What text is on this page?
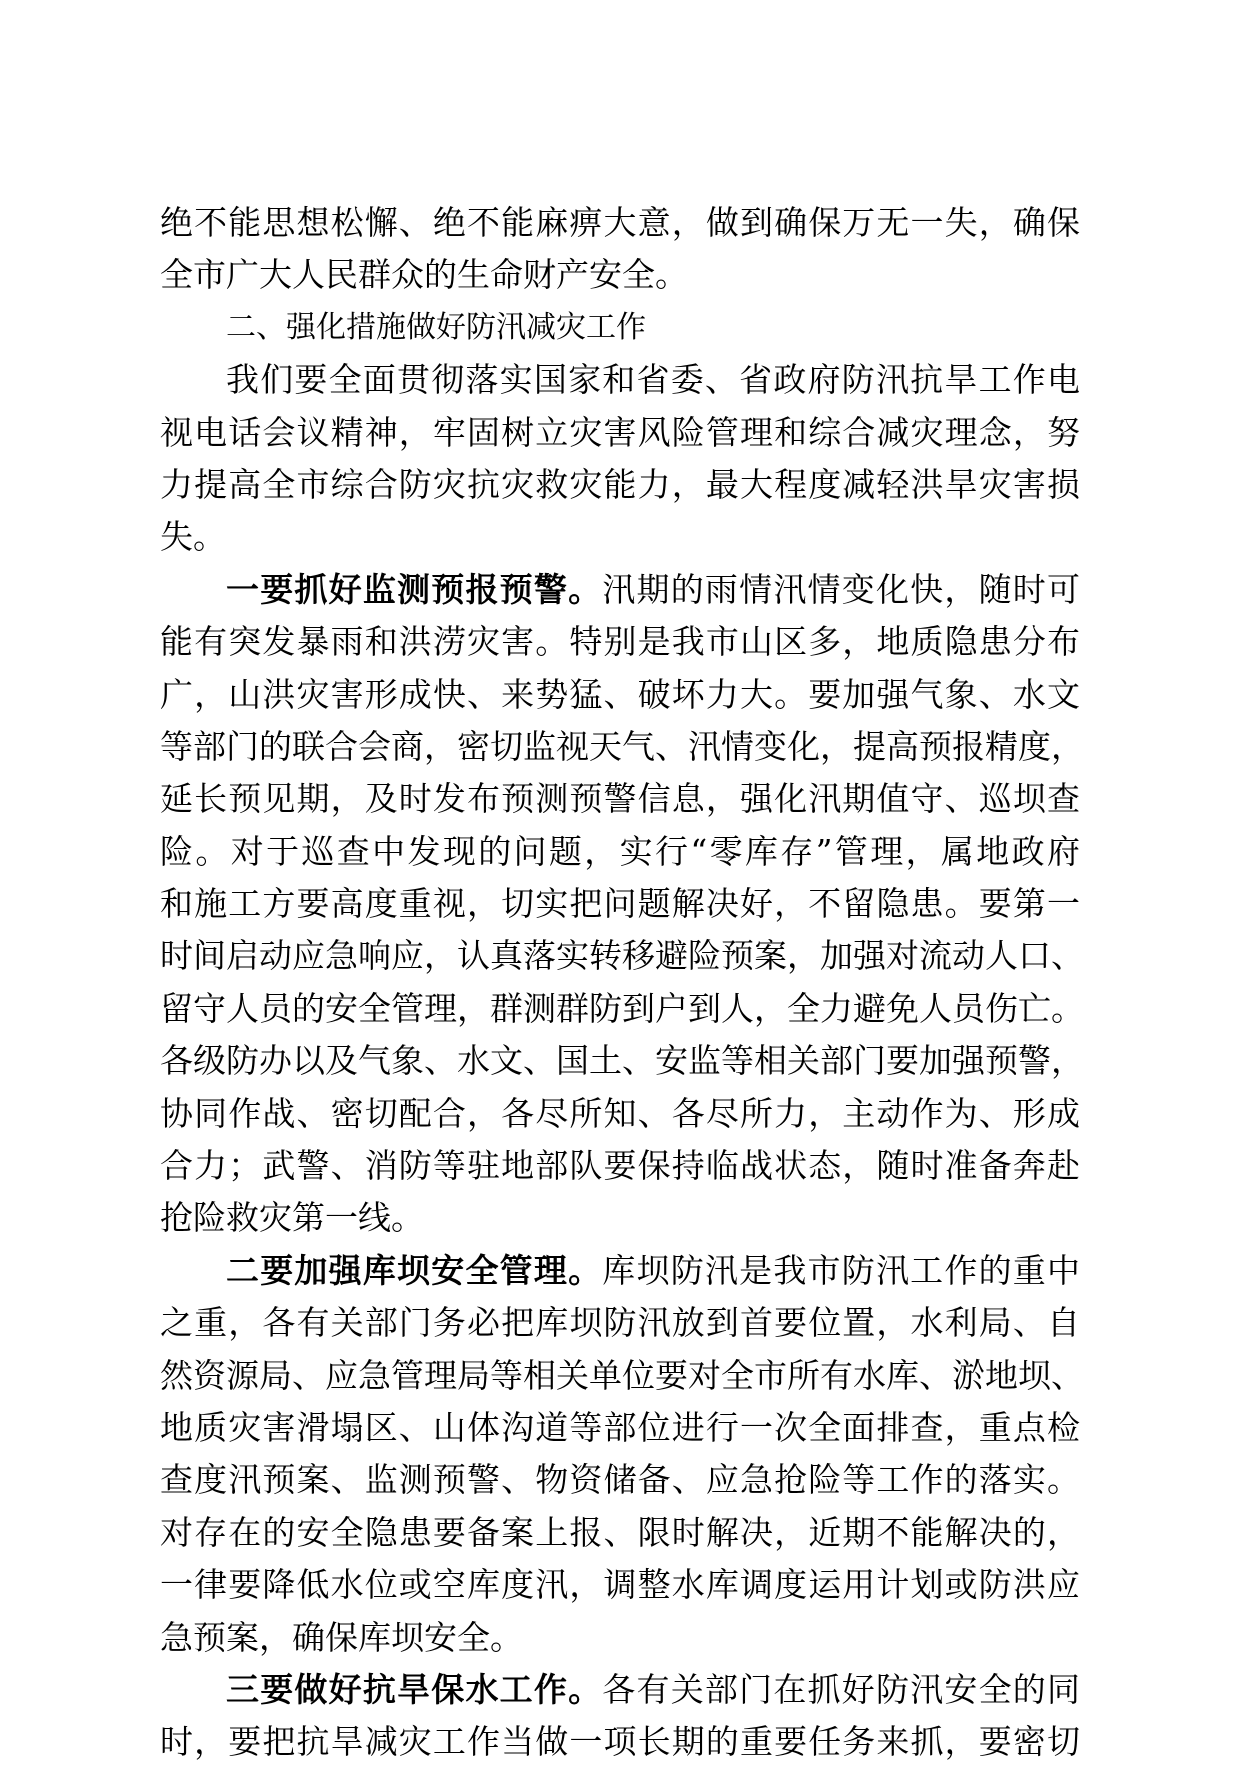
绝不能思想松懈、绝不能麻痹大意，做到确保万无一失，确保
全市广大人民群众的生命财产安全。
二、强化措施做好防汛减灾工作
我们要全面贯彻落实国家和省委、省政府防汛抗旱工作电
视电话会议精神，牢固树立灾害风险管理和综合减灾理念，努
力提高全市综合防灾抗灾救灾能力，最大程度减轻洪旱灾害损
失。
一要抓好监测预报预警。汛期的雨情汛情变化快，随时可
能有突发暴雨和洪涝灾害。特别是我市山区多，地质隐患分布
广，山洪灾害形成快、来势猛、破坏力大。要加强气象、水文
等部门的联合会商，密切监视天气、汛情变化，提高预报精度，
延长预见期，及时发布预测预警信息，强化汛期值守、巡坝查
险。对于巡查中发现的问题，实行“零库存”管理，属地政府
和施工方要高度重视，切实把问题解决好，不留隐患。要第一
时间启动应急响应，认真落实转移避险预案，加强对流动人口、
留守人员的安全管理，群测群防到户到人，全力避免人员伤亡。
各级防办以及气象、水文、国土、安监等相关部门要加强预警，
协同作战、密切配合，各尽所知、各尽所力，主动作为、形成
合力；武警、消防等驻地部队要保持临战状态，随时准备奔赴
抢险救灾第一线。
二要加强库坝安全管理。库坝防汛是我市防汛工作的重中
之重，各有关部门务必把库坝防汛放到首要位置，水利局、自
然资源局、应急管理局等相关单位要对全市所有水库、淤地坝、
地质灾害滑塌区、山体沟道等部位进行一次全面排查，重点检
查度汛预案、监测预警、物资储备、应急抢险等工作的落实。
对存在的安全隐患要备案上报、限时解决，近期不能解决的，
一律要降低水位或空库度汛，调整水库调度运用计划或防洪应
急预案，确保库坝安全。
三要做好抗旱保水工作。各有关部门在抓好防汛安全的同
时，要把抗旱减灾工作当做一项长期的重要任务来抓，要密切
